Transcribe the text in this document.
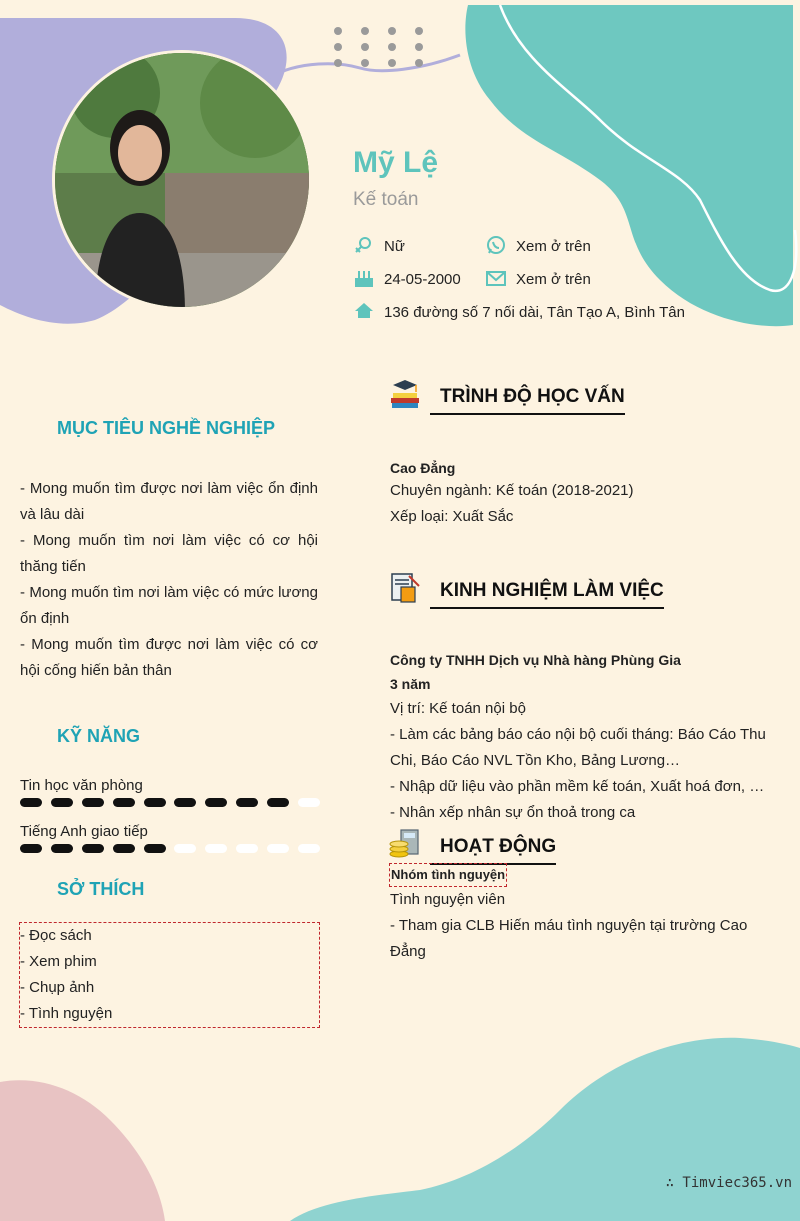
Mỹ Lệ
Kế toán
Nữ	Xem ở trên
24-05-2000	Xem ở trên
136 đường số 7 nối dài, Tân Tạo A, Bình Tân
MỤC TIÊU NGHỀ NGHIỆP
- Mong muốn tìm được nơi làm việc ổn định và lâu dài
- Mong muốn tìm nơi làm việc có cơ hội thăng tiến
- Mong muốn tìm nơi làm việc có mức lương ổn định
- Mong muốn tìm được nơi làm việc có cơ hội cống hiến bản thân
KỸ NĂNG
Tin học văn phòng
Tiếng Anh giao tiếp
SỞ THÍCH
- Đọc sách
- Xem phim
- Chụp ảnh
- Tình nguyện
TRÌNH ĐỘ HỌC VẤN
Cao Đẳng
Chuyên ngành: Kế toán (2018-2021)
Xếp loại: Xuất Sắc
KINH NGHIỆM LÀM VIỆC
Công ty TNHH Dịch vụ Nhà hàng Phùng Gia
3 năm
Vị trí: Kế toán nội bộ
- Làm các bảng báo cáo nội bộ cuối tháng: Báo Cáo Thu Chi, Báo Cáo NVL Tồn Kho, Bảng Lương…
- Nhập dữ liệu vào phần mềm kế toán, Xuất hoá đơn, …
- Nhân xếp nhân sự ổn thoả trong ca
HOẠT ĐỘNG
Nhóm tình nguyện
Tình nguyện viên
- Tham gia CLB Hiến máu tình nguyện tại trường Cao Đẳng
∴ Timviec365.vn
